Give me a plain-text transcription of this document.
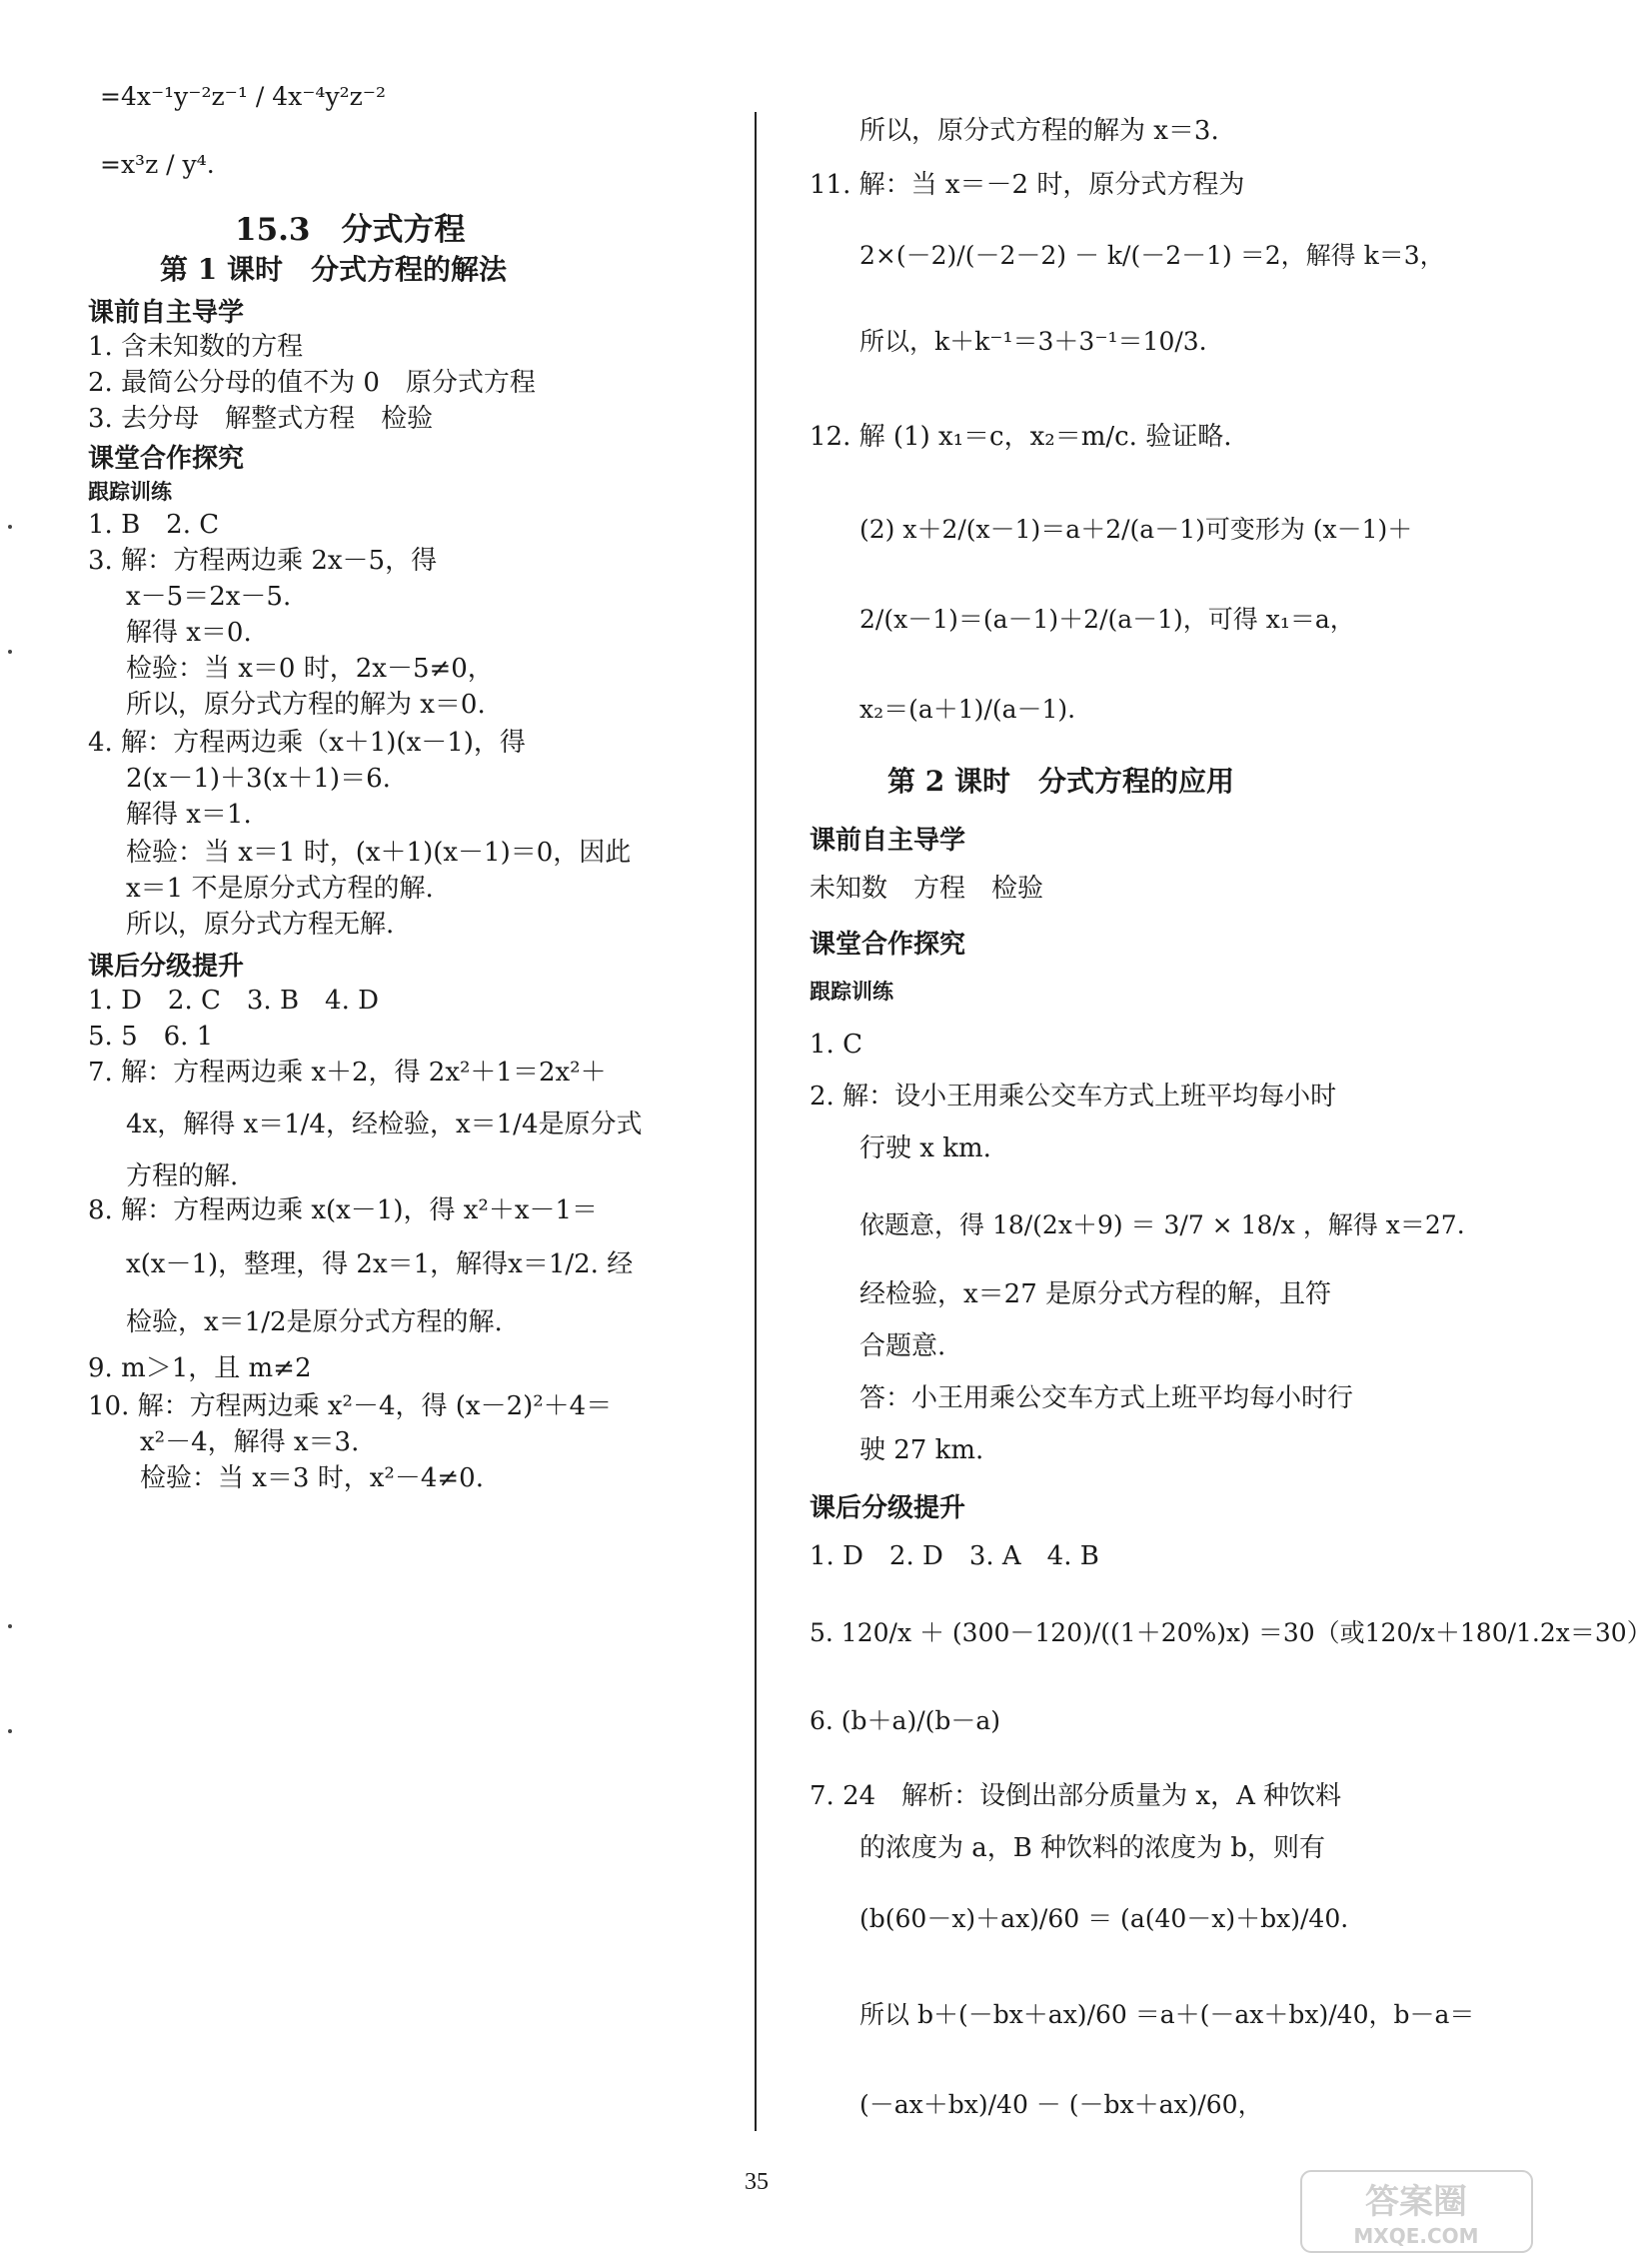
=4x⁻¹y⁻²z⁻¹ / 4x⁻⁴y²z⁻²
=x³z / y⁴.
15.3　分式方程
第 1 课时　分式方程的解法
课前自主导学
1. 含未知数的方程
2. 最简公分母的值不为 0　原分式方程
3. 去分母　解整式方程　检验
课堂合作探究
跟踪训练
1. B　2. C
3. 解：方程两边乘 2x－5，得
x－5＝2x－5.
解得 x＝0.
检验：当 x＝0 时，2x－5≠0，
所以，原分式方程的解为 x＝0.
4. 解：方程两边乘（x＋1)(x－1)，得
2(x－1)＋3(x＋1)＝6.
解得 x＝1.
检验：当 x＝1 时，(x＋1)(x－1)＝0，因此
x＝1 不是原分式方程的解.
所以，原分式方程无解.
课后分级提升
1. D　2. C　3. B　4. D
5. 5　6. 1
7. 解：方程两边乘 x＋2，得 2x²＋1＝2x²＋
4x，解得 x＝1/4，经检验，x＝1/4是原分式
方程的解.
8. 解：方程两边乘 x(x－1)，得 x²＋x－1＝
x(x－1)，整理，得 2x＝1，解得x＝1/2. 经
检验，x＝1/2是原分式方程的解.
9. m＞1，且 m≠2
10. 解：方程两边乘 x²－4，得 (x－2)²＋4＝
x²－4，解得 x＝3.
检验：当 x＝3 时，x²－4≠0.
所以，原分式方程的解为 x＝3.
11. 解：当 x＝－2 时，原分式方程为
2×(－2)/(－2－2) － k/(－2－1) ＝2，解得 k＝3，
所以，k＋k⁻¹＝3＋3⁻¹＝10/3.
12. 解 (1) x₁＝c，x₂＝m/c. 验证略.
(2) x＋2/(x－1)＝a＋2/(a－1)可变形为 (x－1)＋
2/(x－1)＝(a－1)＋2/(a－1)，可得 x₁＝a，
x₂＝(a＋1)/(a－1).
第 2 课时　分式方程的应用
课前自主导学
未知数　方程　检验
课堂合作探究
跟踪训练
1. C
2. 解：设小王用乘公交车方式上班平均每小时
行驶 x km.
依题意，得 18/(2x＋9) ＝ 3/7 × 18/x ，解得 x＝27.
经检验，x＝27 是原分式方程的解，且符
合题意.
答：小王用乘公交车方式上班平均每小时行
驶 27 km.
课后分级提升
1. D　2. D　3. A　4. B
5. 120/x ＋ (300－120)/((1＋20%)x) ＝30（或120/x＋180/1.2x＝30）
6. (b＋a)/(b－a)
7. 24　解析：设倒出部分质量为 x，A 种饮料
的浓度为 a，B 种饮料的浓度为 b，则有
(b(60－x)＋ax)/60 ＝ (a(40－x)＋bx)/40.
所以 b＋(－bx＋ax)/60 ＝a＋(－ax＋bx)/40，b－a＝
(－ax＋bx)/40 － (－bx＋ax)/60，
35	答案圈
MXQE.COM
